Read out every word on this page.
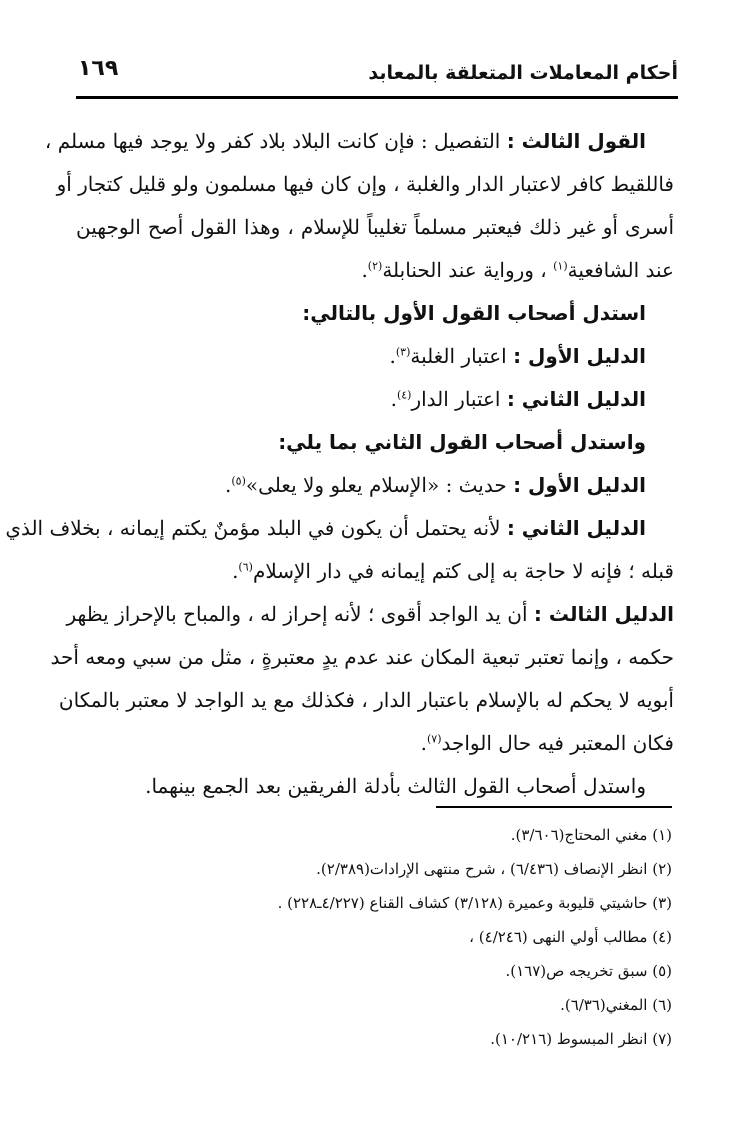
أحكام المعاملات المتعلقة بالمعابد
١٦٩
القول الثالث : التفصيل : فإن كانت البلاد بلاد كفر ولا يوجد فيها مسلم ،
فاللقيط كافر لاعتبار الدار والغلبة ، وإن كان فيها مسلمون ولو قليل كتجار أو
أسرى أو غير ذلك فيعتبر مسلماً تغليباً للإسلام ، وهذا القول أصح الوجهين
عند الشافعية$^{(١)}$ ، ورواية عند الحنابلة$^{(٢)}$.
استدل أصحاب القول الأول بالتالي:
الدليل الأول : اعتبار الغلبة$^{(٣)}$.
الدليل الثاني : اعتبار الدار$^{(٤)}$.
واستدل أصحاب القول الثاني بما يلي:
الدليل الأول : حديث : «الإسلام يعلو ولا يعلى»$^{(٥)}$.
الدليل الثاني : لأنه يحتمل أن يكون في البلد مؤمنٌ يكتم إيمانه ، بخلاف الذي
قبله ؛ فإنه لا حاجة به إلى كتم إيمانه في دار الإسلام$^{(٦)}$.
الدليل الثالث : أن يد الواجد أقوى ؛ لأنه إحراز له ، والمباح بالإحراز يظهر
حكمه ، وإنما تعتبر تبعية المكان عند عدم يدٍ معتبرةٍ ، مثل من سبي ومعه أحد
أبويه لا يحكم له بالإسلام باعتبار الدار ، فكذلك مع يد الواجد لا معتبر بالمكان
فكان المعتبر فيه حال الواجد$^{(٧)}$.
واستدل أصحاب القول الثالث بأدلة الفريقين بعد الجمع بينهما.
(١) مغني المحتاج(٣/٦٠٦).
(٢) انظر الإنصاف (٦/٤٣٦) ، شرح منتهى الإرادات(٢/٣٨٩).
(٣) حاشيتي قليوبة وعميرة (٣/١٢٨) كشاف القناع (٤/٢٢٧ـ٢٢٨) .
(٤) مطالب أولي النهى (٤/٢٤٦) ،
(٥) سبق تخريجه ص(١٦٧).
(٦) المغني(٦/٣٦).
(٧) انظر المبسوط (١٠/٢١٦).
